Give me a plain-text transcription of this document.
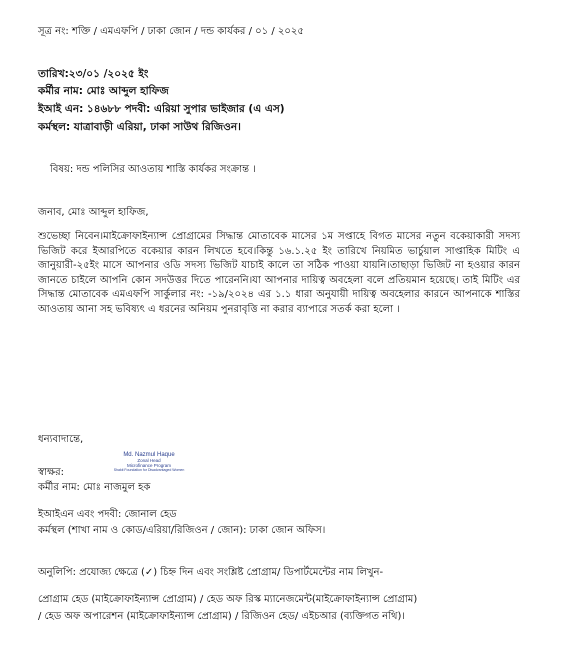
সূত্র নং: শক্তি / এমএফপি / ঢাকা জোন / দন্ড কার্যকর / ০১ / ২০২৫
তারিখ:২৩/০১ /২০২৫ ইং
কর্মীর নাম: মোঃ আব্দুল হাফিজ
ইআই এন: ১৪৬৮৮ পদবী: এরিয়া সুপার ভাইজার (এ এস)
কর্মস্থল: যাত্রাবাড়ী এরিয়া, ঢাকা সাউথ রিজিওন।
বিষয়: দন্ড পলিসির আওতায় শাস্তি কার্যকর সংক্রান্ত ।
জনাব, মোঃ আব্দুল হাফিজ,
শুভেচ্ছা নিবেন।মাইক্রোফাইন্যান্স প্রোগ্রামের সিদ্ধান্ত মোতাবেক মাসের ১ম সপ্তাহে বিগত মাসের নতুন বকেয়াকারী সদস্য ভিজিট করে ইআরপিতে বকেয়ার কারন লিখতে হবে।কিন্তু ১৬.১.২৫ ইং তারিখে নিয়মিত ভার্চুয়াল সাপ্তাহিক মিটিং এ জানুয়ারী-২৫ইং মাসে আপনার ওডি সদস্য ভিজিট যাচাই কালে তা সঠিক পাওয়া যায়নি।তাছাড়া ভিজিট না হওয়ার কারন জানতে চাইলে আপনি কোন সদউত্তর দিতে পারেননি।যা আপনার দায়িত্ব অবহেলা বলে প্রতিয়মান হয়েছে। তাই মিটিং এর সিদ্ধান্ত মোতাবেক এমএফপি সার্কুলার নং: -১৯/২০২৪ এর ১.১ ধারা অনুযায়ী দায়িত্ব অবহেলার কারনে আপনাকে শাস্তির আওতায় আনা সহ ভবিষ্যৎ এ ধরনের অনিয়ম পুনরাবৃত্তি না করার ব্যাপারে সতর্ক করা হলো ।
ধন্যবাদান্তে,
Md. Nazmul Haque
Zonal Head
Microfinance Program
Shakti Foundation for Disadvantaged Women
স্বাক্ষর:
কর্মীর নাম: মোঃ নাজমুল হক
ইআইএন এবং পদবী: জোনাল হেড
কর্মস্থল (শাখা নাম ও কোড/এরিয়া/রিজিওন / জোন): ঢাকা জোন অফিস।
অনুলিপি: প্রযোজ্য ক্ষেত্রে (✓) চিহ্ন দিন এবং সংশ্লিষ্ট প্রোগ্রাম/ ডিপার্টমেন্টের নাম লিখুন-
প্রোগ্রাম হেড (মাইক্রোফাইন্যান্স প্রোগ্রাম) / হেড অফ রিস্ক ম্যানেজমেন্ট(মাইক্রোফাইন্যান্স প্রোগ্রাম)
/ হেড অফ অপারেশন (মাইক্রোফাইন্যান্স প্রোগ্রাম) / রিজিওন হেড/ এইচআর (ব্যক্তিগত নথি)।
